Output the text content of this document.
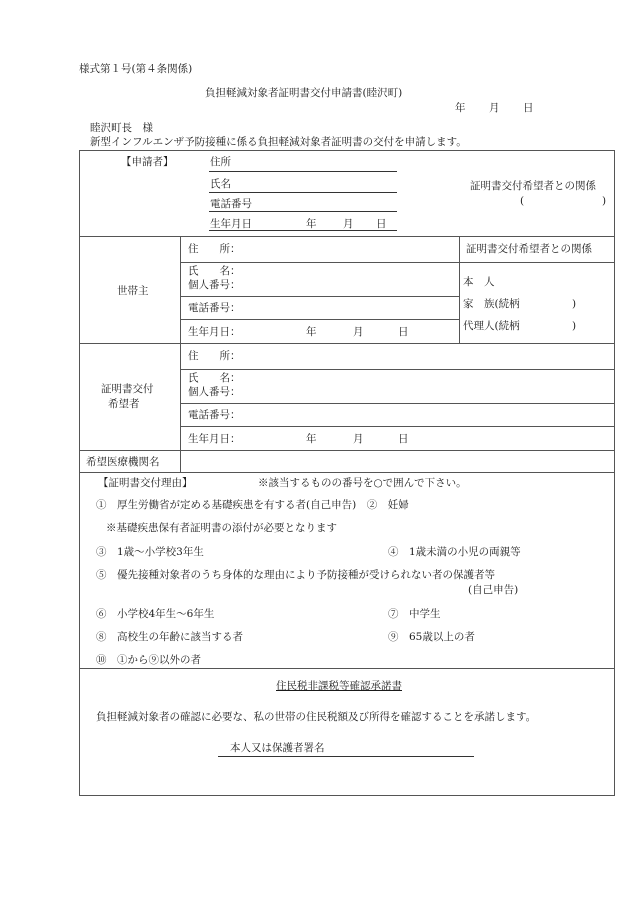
様式第１号(第４条関係)
負担軽減対象者証明書交付申請書(睦沢町)
年 月 日
睦沢町長　様
新型インフルエンザ予防接種に係る負担軽減対象者証明書の交付を申請します。
【申請者】	住所
氏名
電話番号
生年月日	年	月 日
証明書交付希望者との関係
(	)
世帯主
住　　所：
氏　　名：
個人番号：
電話番号：
生年月日：	年	月	日
証明書交付希望者との関係
本　人
家　族(続柄	)
代理人(続柄	)
証明書交付
希望者
住　　所：
氏　　名：
個人番号：
電話番号：
生年月日：	年	月	日
希望医療機関名
【証明書交付理由】	※該当するものの番号を○で囲んで下さい。
①　厚生労働省が定める基礎疾患を有する者(自己申告)　②　妊婦
※基礎疾患保有者証明書の添付が必要となります
③　1歳～小学校3年生	④　1歳未満の小児の両親等
⑤　優先接種対象者のうち身体的な理由により予防接種が受けられない者の保護者等
(自己申告)
⑥　小学校4年生～6年生	⑦　中学生
⑧　高校生の年齢に該当する者	⑨　65歳以上の者
⑩　①から⑨以外の者
住民税非課税等確認承諾書
負担軽減対象者の確認に必要な、私の世帯の住民税額及び所得を確認することを承諾します。
本人又は保護者署名
